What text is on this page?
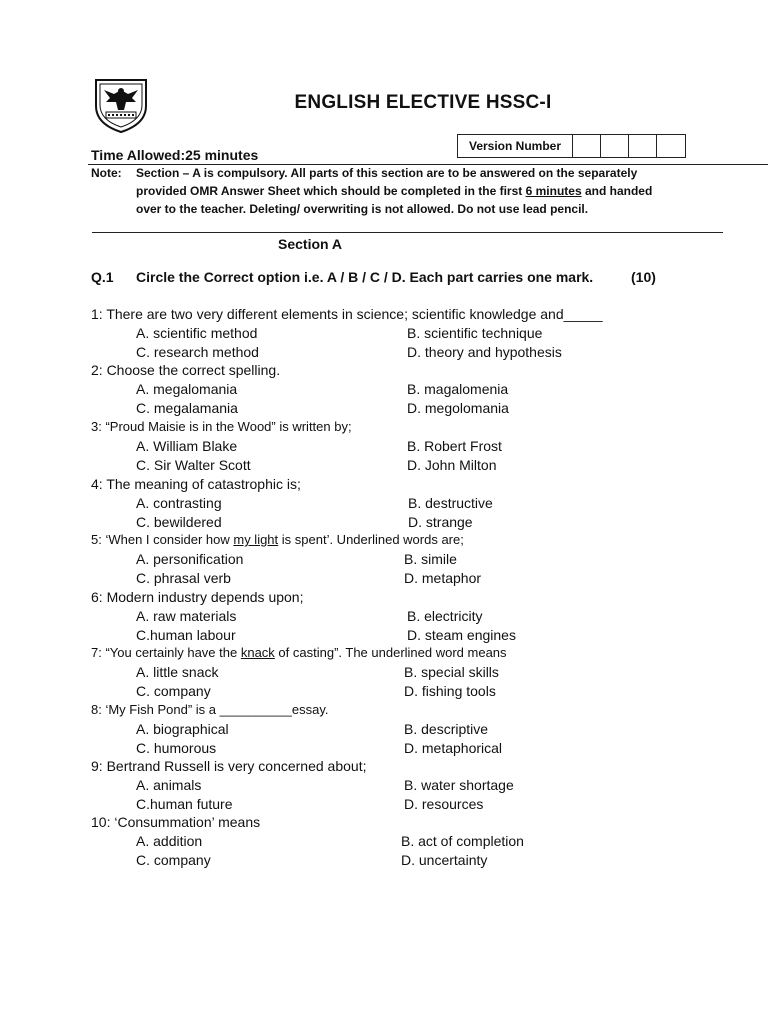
ENGLISH ELECTIVE HSSC-I
Time Allowed:25 minutes
Version Number
Note: Section – A is compulsory. All parts of this section are to be answered on the separately
provided OMR Answer Sheet which should be completed in the first 6 minutes and handed
over to the teacher. Deleting/ overwriting is not allowed. Do not use lead pencil.
Section A
Q.1 Circle the Correct option i.e. A / B / C / D. Each part carries one mark.	(10)
1: There are two very different elements in science; scientific knowledge and_____
A. scientific method	B. scientific technique
C. research method	D. theory and hypothesis
2: Choose the correct spelling.
A. megalomania	B. magalomenia
C. megalamania	D. megolomania
3: “Proud Maisie is in the Wood” is written by;
A. William Blake	B. Robert Frost
C. Sir Walter Scott	D. John Milton
4: The meaning of catastrophic is;
A. contrasting	B. destructive
C. bewildered	D. strange
5: ‘When I consider how my light is spent’. Underlined words are;
A. personification	B. simile
C. phrasal verb	D. metaphor
6: Modern industry depends upon;
A. raw materials	B. electricity
C.human labour	D. steam engines
7: “You certainly have the knack of casting”. The underlined word means
A. little snack	B. special skills
C. company	D. fishing tools
8: ‘My Fish Pond” is a __________essay.
A. biographical	B. descriptive
C. humorous	D. metaphorical
9: Bertrand Russell is very concerned about;
A. animals	B. water shortage
C.human future	D. resources
10: ‘Consummation’ means
A. addition	B. act of completion
C. company	D. uncertainty
